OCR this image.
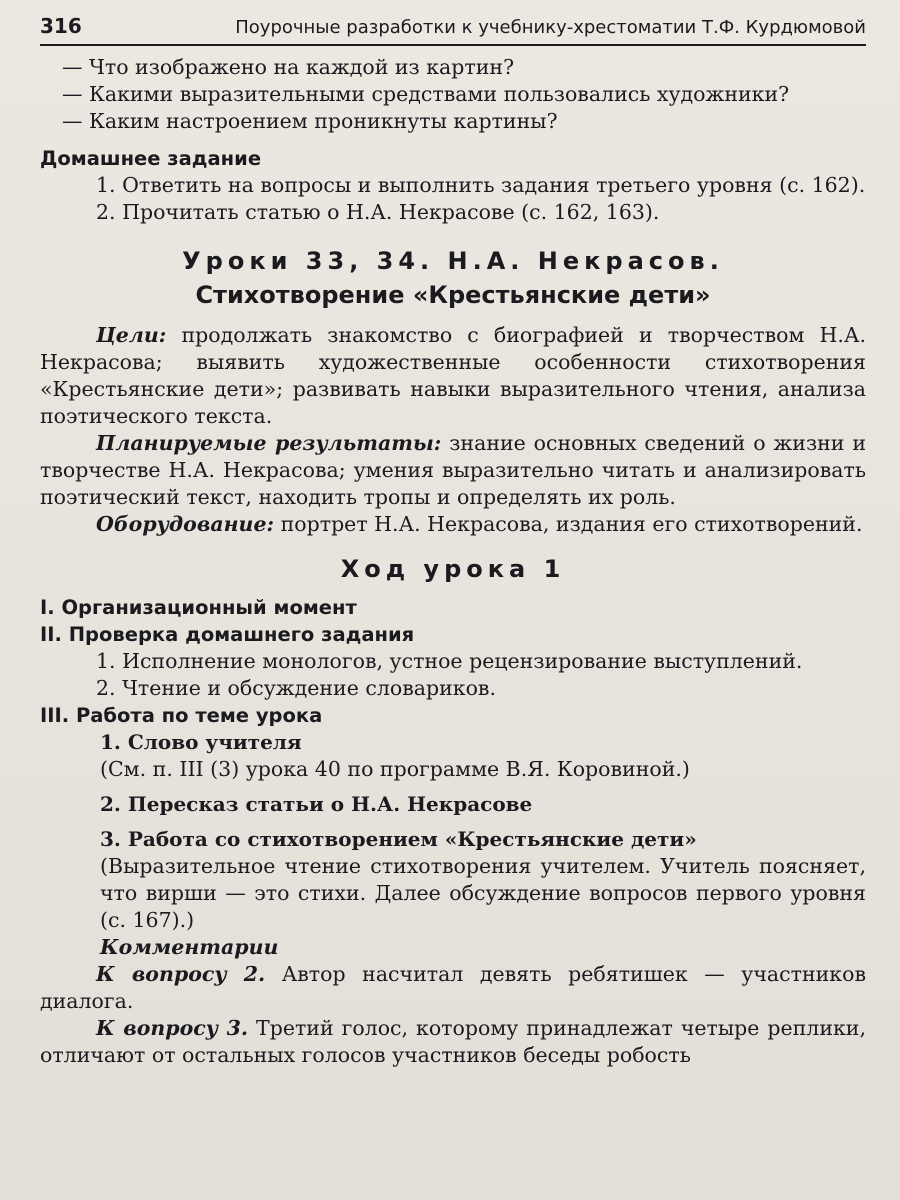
316	Поурочные разработки к учебнику-хрестоматии Т.Ф. Курдюмовой

— Что изображено на каждой из картин?

— Какими выразительными средствами пользовались художники?

— Каким настроением проникнуты картины?

Домашнее задание

1. Ответить на вопросы и выполнить задания третьего уровня (с. 162).

2. Прочитать статью о Н.А. Некрасове (с. 162, 163).

Уроки 33, 34. Н.А. Некрасов.

Стихотворение «Крестьянские дети»

Цели: продолжать знакомство с биографией и творчеством Н.А. Некрасова; выявить художественные особенности стихотворения «Крестьянские дети»; развивать навыки выразительного чтения, анализа поэтического текста.

Планируемые результаты: знание основных сведений о жизни и творчестве Н.А. Некрасова; умения выразительно читать и анализировать поэтический текст, находить тропы и определять их роль.

Оборудование: портрет Н.А. Некрасова, издания его стихотворений.

Ход урока 1

I. Организационный момент

II. Проверка домашнего задания

1. Исполнение монологов, устное рецензирование выступлений.

2. Чтение и обсуждение словариков.

III. Работа по теме урока

1. Слово учителя

(См. п. III (3) урока 40 по программе В.Я. Коровиной.)

2. Пересказ статьи о Н.А. Некрасове

3. Работа со стихотворением «Крестьянские дети»

(Выразительное чтение стихотворения учителем. Учитель поясняет, что вирши — это стихи. Далее обсуждение вопросов первого уровня (с. 167).)

Комментарии

К вопросу 2. Автор насчитал девять ребятишек — участников диалога.

К вопросу 3. Третий голос, которому принадлежат четыре реплики, отличают от остальных голосов участников беседы робость
